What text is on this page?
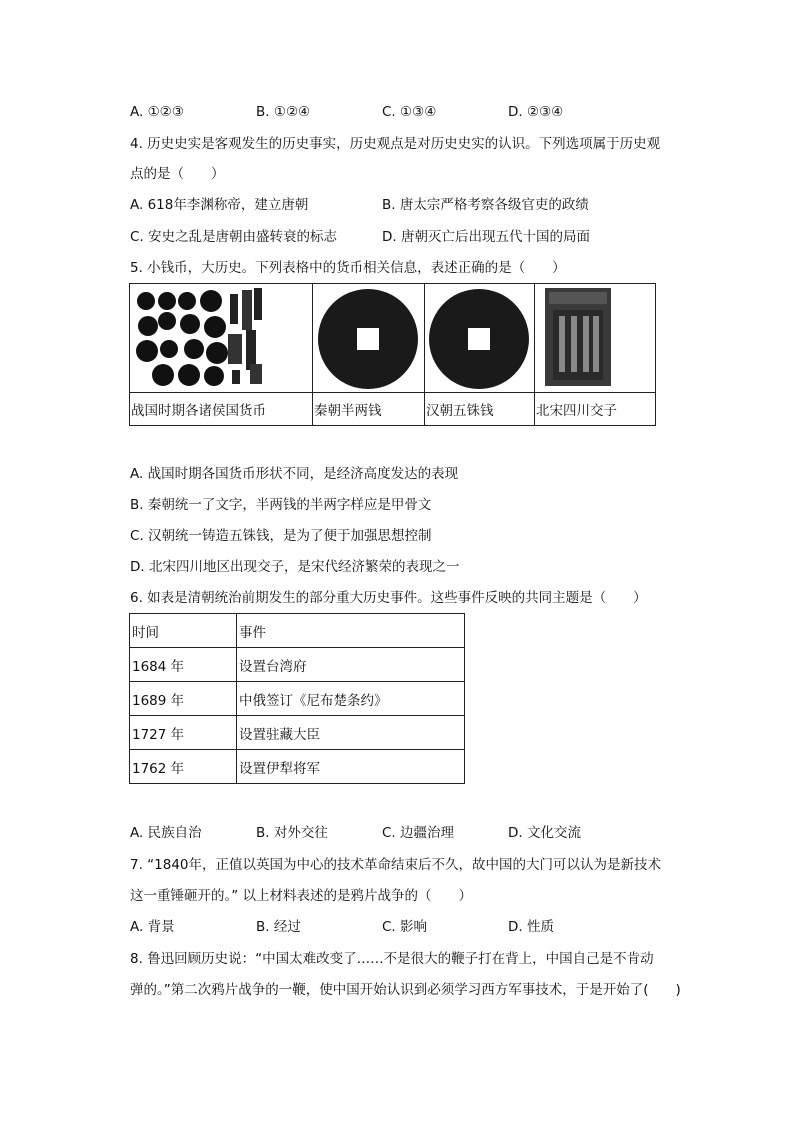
A. ①②③	B. ①②④	C. ①③④	D. ②③④
4. 历史史实是客观发生的历史事实，历史观点是对历史史实的认识。下列选项属于历史观
点的是（　　）
A. 618年李渊称帝，建立唐朝	B. 唐太宗严格考察各级官吏的政绩
C. 安史之乱是唐朝由盛转衰的标志	D. 唐朝灭亡后出现五代十国的局面
5. 小钱币，大历史。下列表格中的货币相关信息，表述正确的是（　　）

战国时期各诸侯国货币	秦朝半两钱	汉朝五铢钱	北宋四川交子
A. 战国时期各国货币形状不同，是经济高度发达的表现
B. 秦朝统一了文字，半两钱的半两字样应是甲骨文
C. 汉朝统一铸造五铢钱，是为了便于加强思想控制
D. 北宋四川地区出现交子，是宋代经济繁荣的表现之一
6. 如表是清朝统治前期发生的部分重大历史事件。这些事件反映的共同主题是（　　）
时间	事件
1684 年	设置台湾府
1689 年	中俄签订《尼布楚条约》
1727 年	设置驻藏大臣
1762 年	设置伊犁将军
A. 民族自治	B. 对外交往	C. 边疆治理	D. 文化交流
7. “1840年，正值以英国为中心的技术革命结束后不久，故中国的大门可以认为是新技术
这一重锤砸开的。” 以上材料表述的是鸦片战争的（　　）
A. 背景	B. 经过	C. 影响	D. 性质
8. 鲁迅回顾历史说：“中国太难改变了……不是很大的鞭子打在背上，中国自己是不肯动
弹的。”第二次鸦片战争的一鞭，使中国开始认识到必须学习西方军事技术，于是开始了(　　)
